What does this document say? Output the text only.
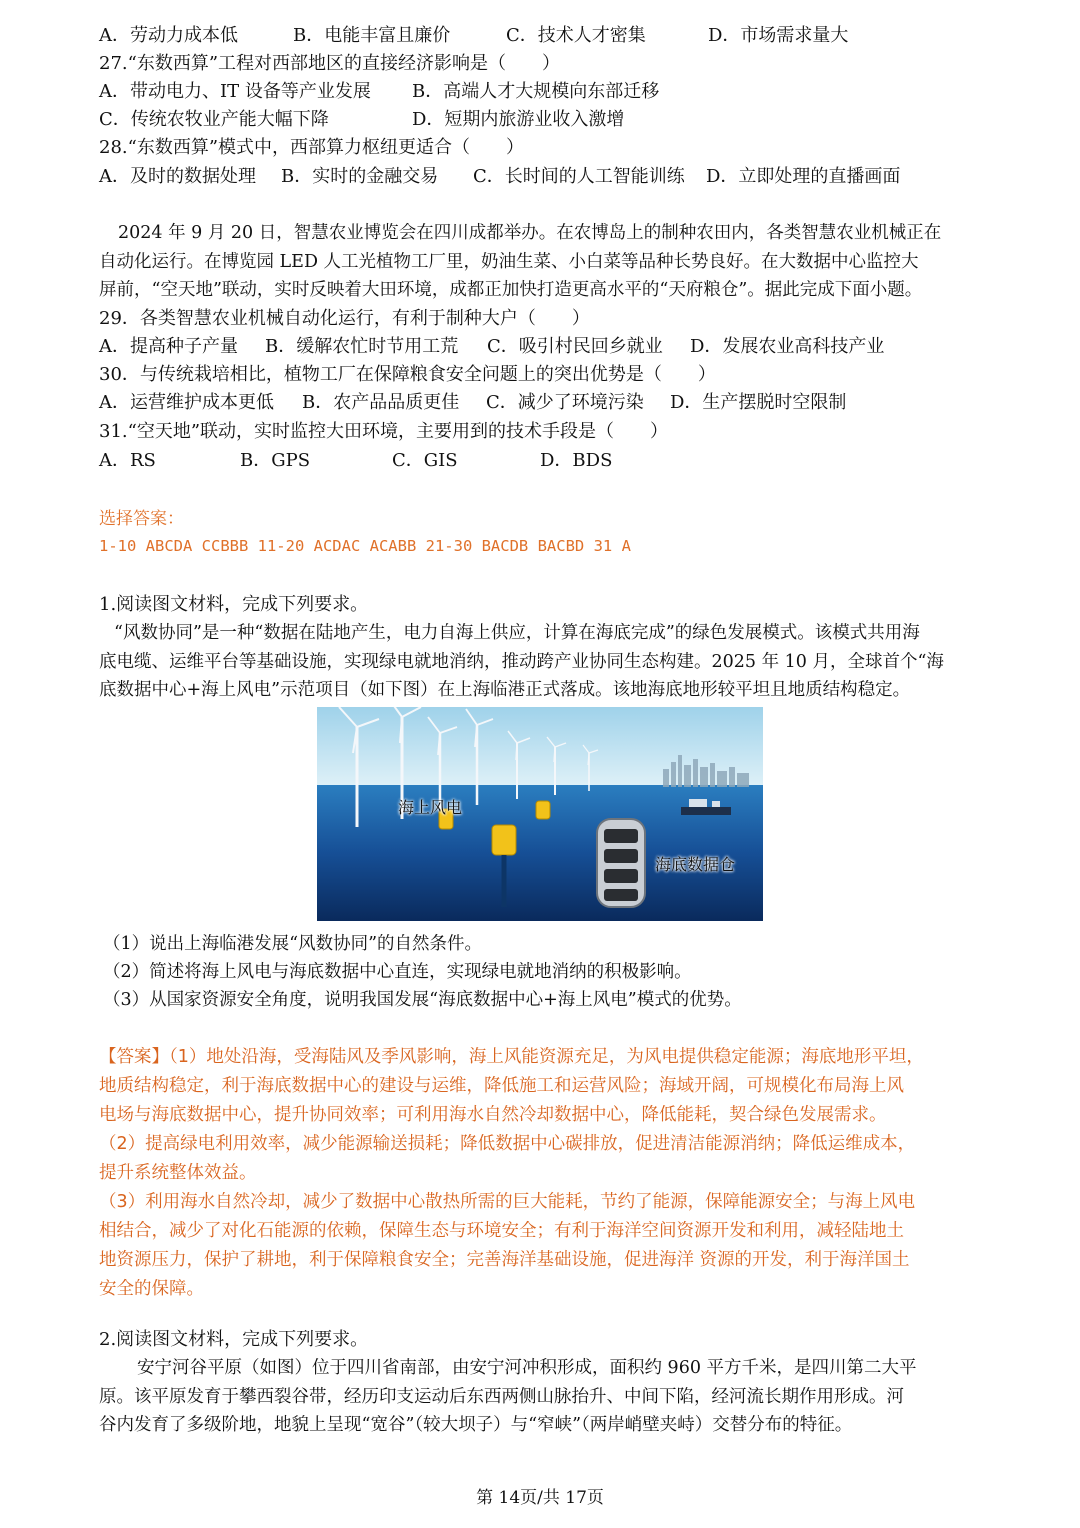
A．劳动力成本低	B．电能丰富且廉价	C．技术人才密集	D．市场需求量大
27.“东数西算”工程对西部地区的直接经济影响是（　　）
A．带动电力、IT 设备等产业发展 B．高端人才大规模向东部迁移
C．传统农牧业产能大幅下降	D．短期内旅游业收入激增
28.“东数西算”模式中，西部算力枢纽更适合（　　）
A．及时的数据处理 B．实时的金融交易 C．长时间的人工智能训练 D．立即处理的直播画面
2024 年 9 月 20 日，智慧农业博览会在四川成都举办。在农博岛上的制种农田内，各类智慧农业机械正在
自动化运行。在博览园 LED 人工光植物工厂里，奶油生菜、小白菜等品种长势良好。在大数据中心监控大
屏前，“空天地”联动，实时反映着大田环境，成都正加快打造更高水平的“天府粮仓”。据此完成下面小题。
29．各类智慧农业机械自动化运行，有利于制种大户（　　）
A．提高种子产量 B．缓解农忙时节用工荒 C．吸引村民回乡就业 D．发展农业高科技产业
30．与传统栽培相比，植物工厂在保障粮食安全问题上的突出优势是（　　）
A．运营维护成本更低 B．农产品品质更佳 C．减少了环境污染 D．生产摆脱时空限制
31.“空天地”联动，实时监控大田环境，主要用到的技术手段是（　　）
A．RS	B．GPS	C．GIS	D．BDS
选择答案：
1-10 ABCDA CCBBB 11-20 ACDAC ACABB 21-30 BACDB BACBD 31 A
1.阅读图文材料，完成下列要求。
“风数协同”是一种“数据在陆地产生，电力自海上供应，计算在海底完成”的绿色发展模式。该模式共用海
底电缆、运维平台等基础设施，实现绿电就地消纳，推动跨产业协同生态构建。2025 年 10 月，全球首个“海
底数据中心+海上风电”示范项目（如下图）在上海临港正式落成。该地海底地形较平坦且地质结构稳定。
海上风电
海底数据仓
（1）说出上海临港发展“风数协同”的自然条件。
（2）简述将海上风电与海底数据中心直连，实现绿电就地消纳的积极影响。
（3）从国家资源安全角度，说明我国发展“海底数据中心+海上风电”模式的优势。
【答案】（1）地处沿海，受海陆风及季风影响，海上风能资源充足，为风电提供稳定能源；海底地形平坦，
地质结构稳定，利于海底数据中心的建设与运维，降低施工和运营风险；海域开阔，可规模化布局海上风
电场与海底数据中心，提升协同效率；可利用海水自然冷却数据中心，降低能耗，契合绿色发展需求。
（2）提高绿电利用效率，减少能源输送损耗；降低数据中心碳排放，促进清洁能源消纳；降低运维成本，
提升系统整体效益。
（3）利用海水自然冷却，减少了数据中心散热所需的巨大能耗，节约了能源，保障能源安全；与海上风电
相结合，减少了对化石能源的依赖，保障生态与环境安全；有利于海洋空间资源开发和利用，减轻陆地土
地资源压力，保护了耕地，利于保障粮食安全；完善海洋基础设施，促进海洋 资源的开发，利于海洋国土
安全的保障。
2.阅读图文材料，完成下列要求。
安宁河谷平原（如图）位于四川省南部，由安宁河冲积形成，面积约 960 平方千米，是四川第二大平
原。该平原发育于攀西裂谷带，经历印支运动后东西两侧山脉抬升、中间下陷，经河流长期作用形成。河
谷内发育了多级阶地，地貌上呈现“宽谷”（较大坝子）与“窄峡”（两岸峭壁夹峙）交替分布的特征。
第 14页/共 17页
